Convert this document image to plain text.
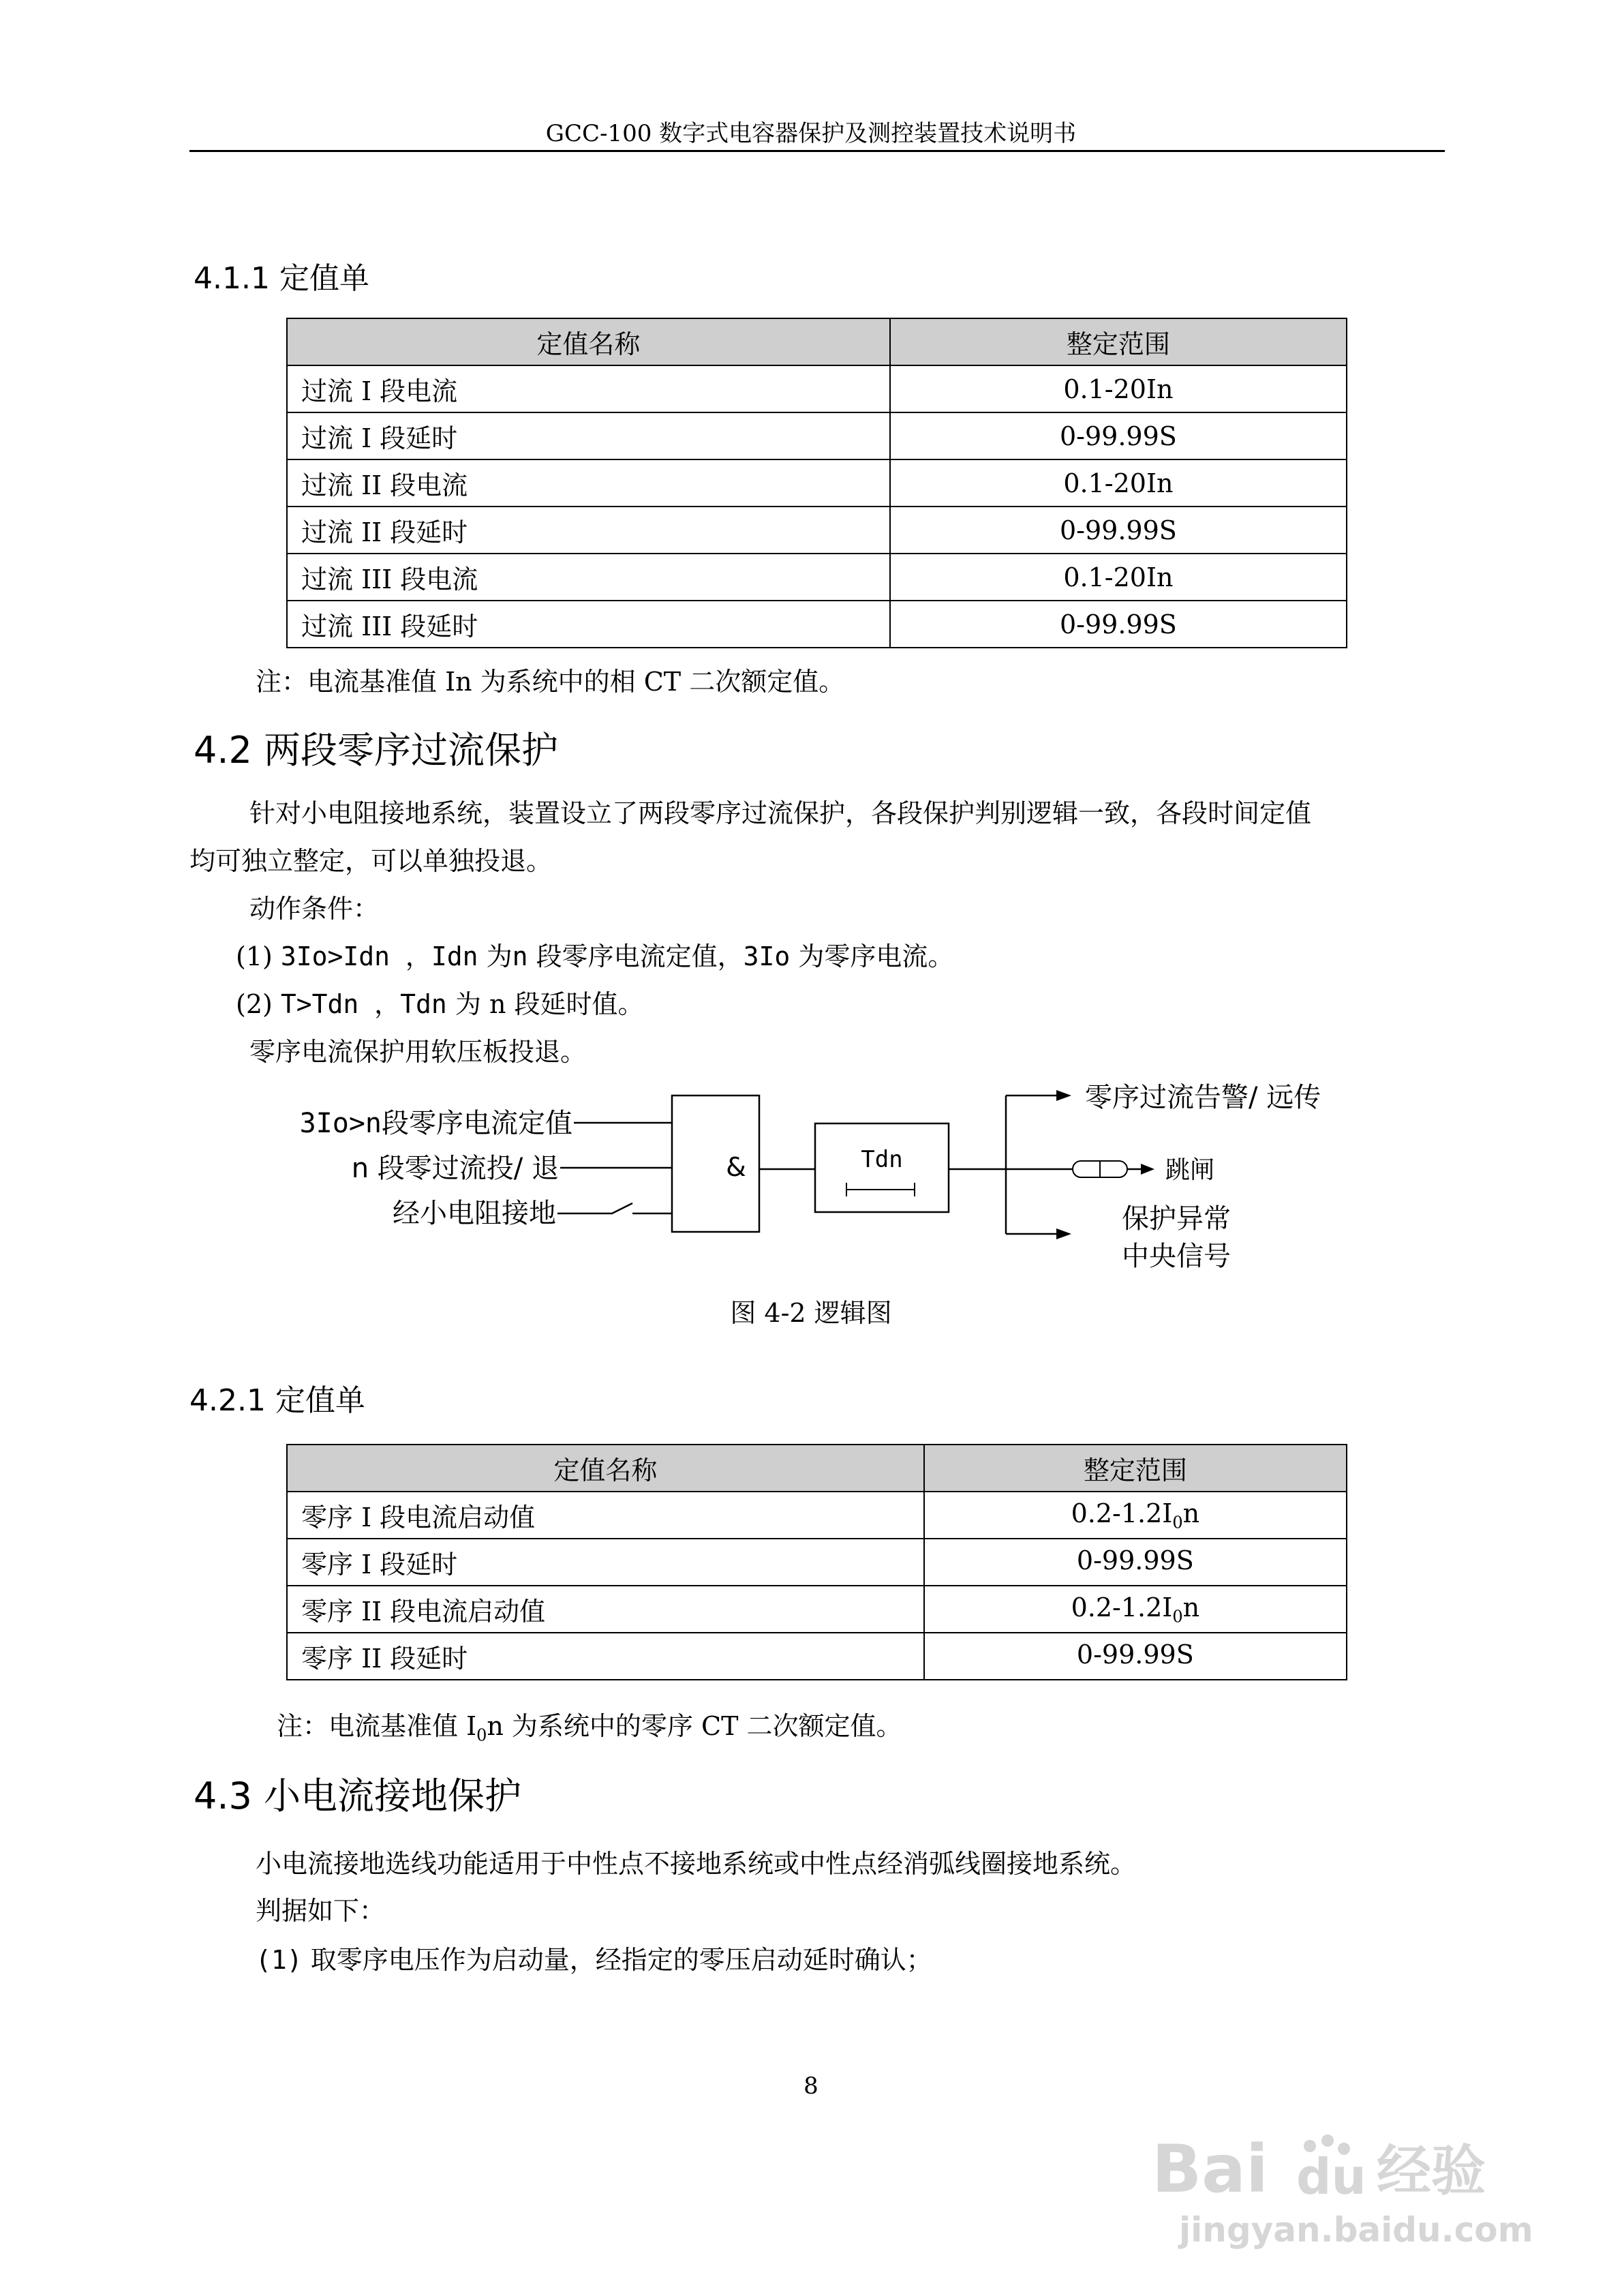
GCC-100 数字式电容器保护及测控装置技术说明书
4.1.1 定值单
定值名称	整定范围
过流 I 段电流	0.1-20In
过流 I 段延时	0-99.99S
过流 II 段电流	0.1-20In
过流 II 段延时	0-99.99S
过流 III 段电流	0.1-20In
过流 III 段延时	0-99.99S
注：电流基准值 In 为系统中的相 CT 二次额定值。
4.2 两段零序过流保护
针对小电阻接地系统，装置设立了两段零序过流保护，各段保护判别逻辑一致，各段时间定值
均可独立整定，可以单独投退。
动作条件：
(1) 3Io>Idn ，Idn 为n 段零序电流定值，3Io 为零序电流。
(2) T>Tdn ，Tdn 为 n 段延时值。
零序电流保护用软压板投退。
3Io>n段零序电流定值
n 段零过流投/ 退
经小电阻接地
&	Tdn
零序过流告警/ 远传
跳闸
保护异常
中央信号
图 4-2 逻辑图
4.2.1 定值单
定值名称	整定范围
零序 I 段电流启动值	$0.2-1.2I_0n$
零序 I 段延时	0-99.99S
零序 II 段电流启动值	$0.2-1.2I_0n$
零序 II 段延时	0-99.99S
注：电流基准值 $I_0n$ 为系统中的零序 CT 二次额定值。
4.3 小电流接地保护
小电流接地选线功能适用于中性点不接地系统或中性点经消弧线圈接地系统。
判据如下：
(1) 取零序电压作为启动量，经指定的零压启动延时确认；
8
Bai du 经验
jingyan.baidu.com
